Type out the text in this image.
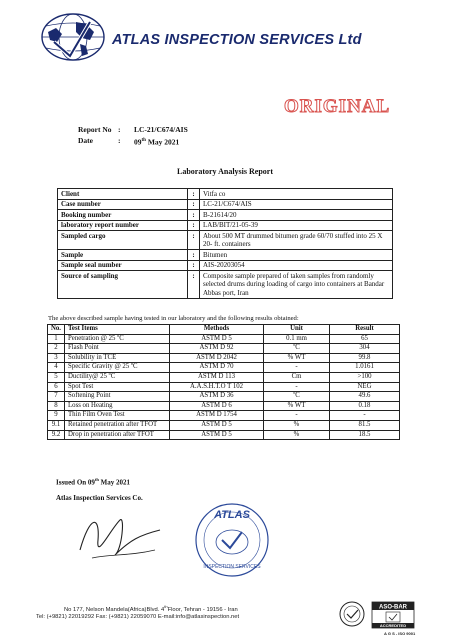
ATLAS INSPECTION SERVICES Ltd
ORIGINAL
Report No :	LC-21/C674/AIS
Date	:	09th May 2021
Laboratory Analysis Report
Client	:	Vitfa co
Case number	:	LC-21/C674/AIS
Booking number	:	B-21614/20
laboratory report number	:	LAB/BIT/21-05-39
Sampled cargo	:	About 500 MT drummed bitumen grade 60/70 stuffed into 25 X 20- ft. containers
Sample	:	Bitumen
Sample seal number	:	AIS-20203054
Source of sampling	:	Composite sample prepared of taken samples from randomly selected drums during loading of cargo into containers at Bandar Abbas port, Iran
The above described sample having tested in our laboratory and the following results obtained:
No.	Test Items	Methods	Unit	Result
1	Penetration @ 25 ºC	ASTM D 5	0.1 mm	65
2	Flash Point	ASTM D 92	ºC	304
3	Solubility in TCE	ASTM D 2042	% WT	99.8
4	Specific Gravity @ 25 ºC	ASTM D 70	-	1.0161
5	Ductility@ 25 ºC	ASTM D 113	Cm	>100
6	Spot Test	A.A.S.H.T.O T 102	-	NEG
7	Softening Point	ASTM D 36	ºC	49.6
8	Loss on Heating	ASTM D 6	% WT	0.18
9	Thin Film Oven Test	ASTM D 1754	-	-
9.1	Retained penetration after TFOT	ASTM D 5	%	81.5
9.2	Drop in penetration after TFOT	ASTM D 5	%	18.5
Issued On 09th May 2021
Atlas Inspection Services Co.
ATLAS
INSPECTION SERVICES
No 177, Nelson Mandela(Africa)Blvd. 4thFloor, Tehran - 19156 - Iran
Tel: (+9821) 22019292 Fax: (+9821) 22059070 E-mail:info@atlasinspection.net
ASO-BAR
ACCREDITED
A G S - ISO 9001
